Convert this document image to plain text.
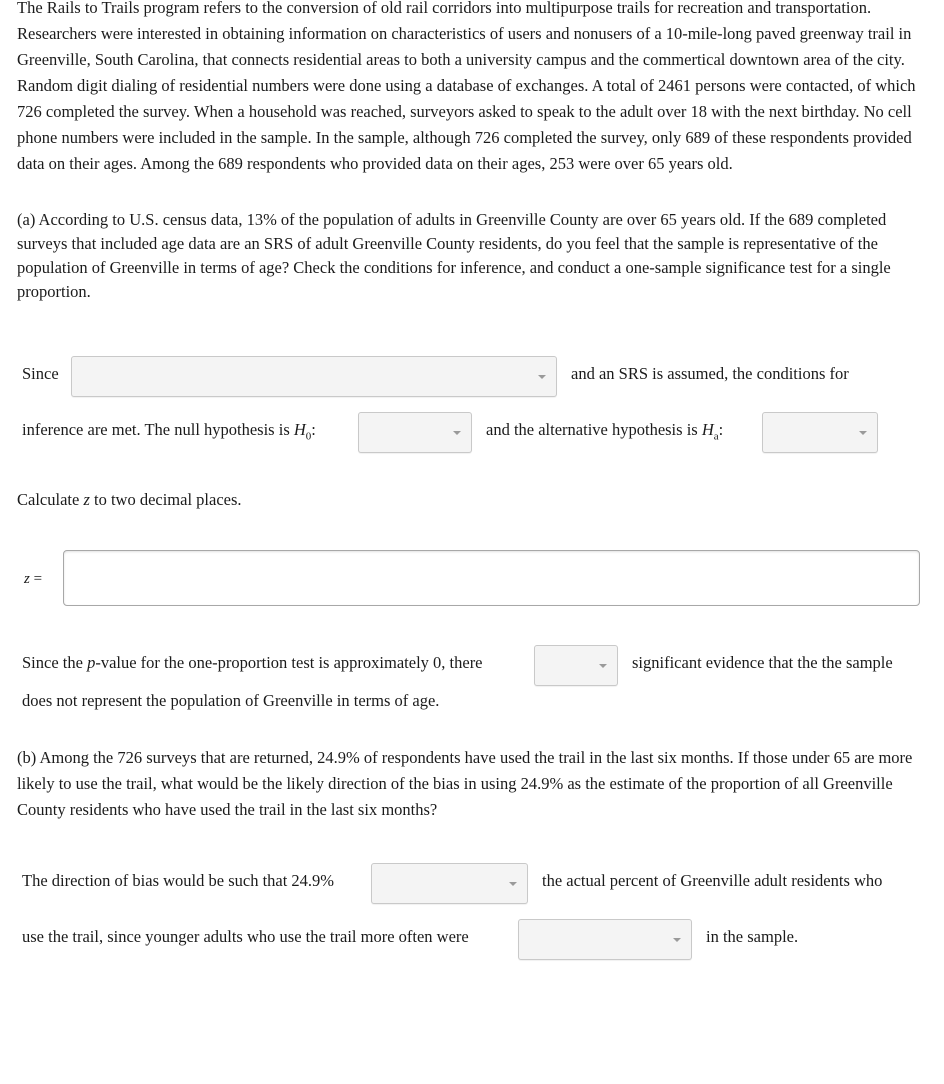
The Rails to Trails program refers to the conversion of old rail corridors into multipurpose trails for recreation and transportation. Researchers were interested in obtaining information on characteristics of users and nonusers of a 10-mile-long paved greenway trail in Greenville, South Carolina, that connects residential areas to both a university campus and the commertical downtown area of the city. Random digit dialing of residential numbers were done using a database of exchanges. A total of 2461 persons were contacted, of which 726 completed the survey. When a household was reached, surveyors asked to speak to the adult over 18 with the next birthday. No cell phone numbers were included in the sample. In the sample, although 726 completed the survey, only 689 of these respondents provided data on their ages. Among the 689 respondents who provided data on their ages, 253 were over 65 years old.

(a) According to U.S. census data, 13% of the population of adults in Greenville County are over 65 years old. If the 689 completed surveys that included age data are an SRS of adult Greenville County residents, do you feel that the sample is representative of the population of Greenville in terms of age? Check the conditions for inference, and conduct a one-sample significance test for a single proportion.

Since	and an SRS is assumed, the conditions for
inference are met. The null hypothesis is $H_0$:	and the alternative hypothesis is $H_a$:
Calculate z to two decimal places.
z =
Since the p-value for the one-proportion test is approximately 0, there	significant evidence that the the sample
does not represent the population of Greenville in terms of age.

(b) Among the 726 surveys that are returned, 24.9% of respondents have used the trail in the last six months. If those under 65 are more likely to use the trail, what would be the likely direction of the bias in using 24.9% as the estimate of the proportion of all Greenville County residents who have used the trail in the last six months?

The direction of bias would be such that 24.9%	the actual percent of Greenville adult residents who
use the trail, since younger adults who use the trail more often were	in the sample.
